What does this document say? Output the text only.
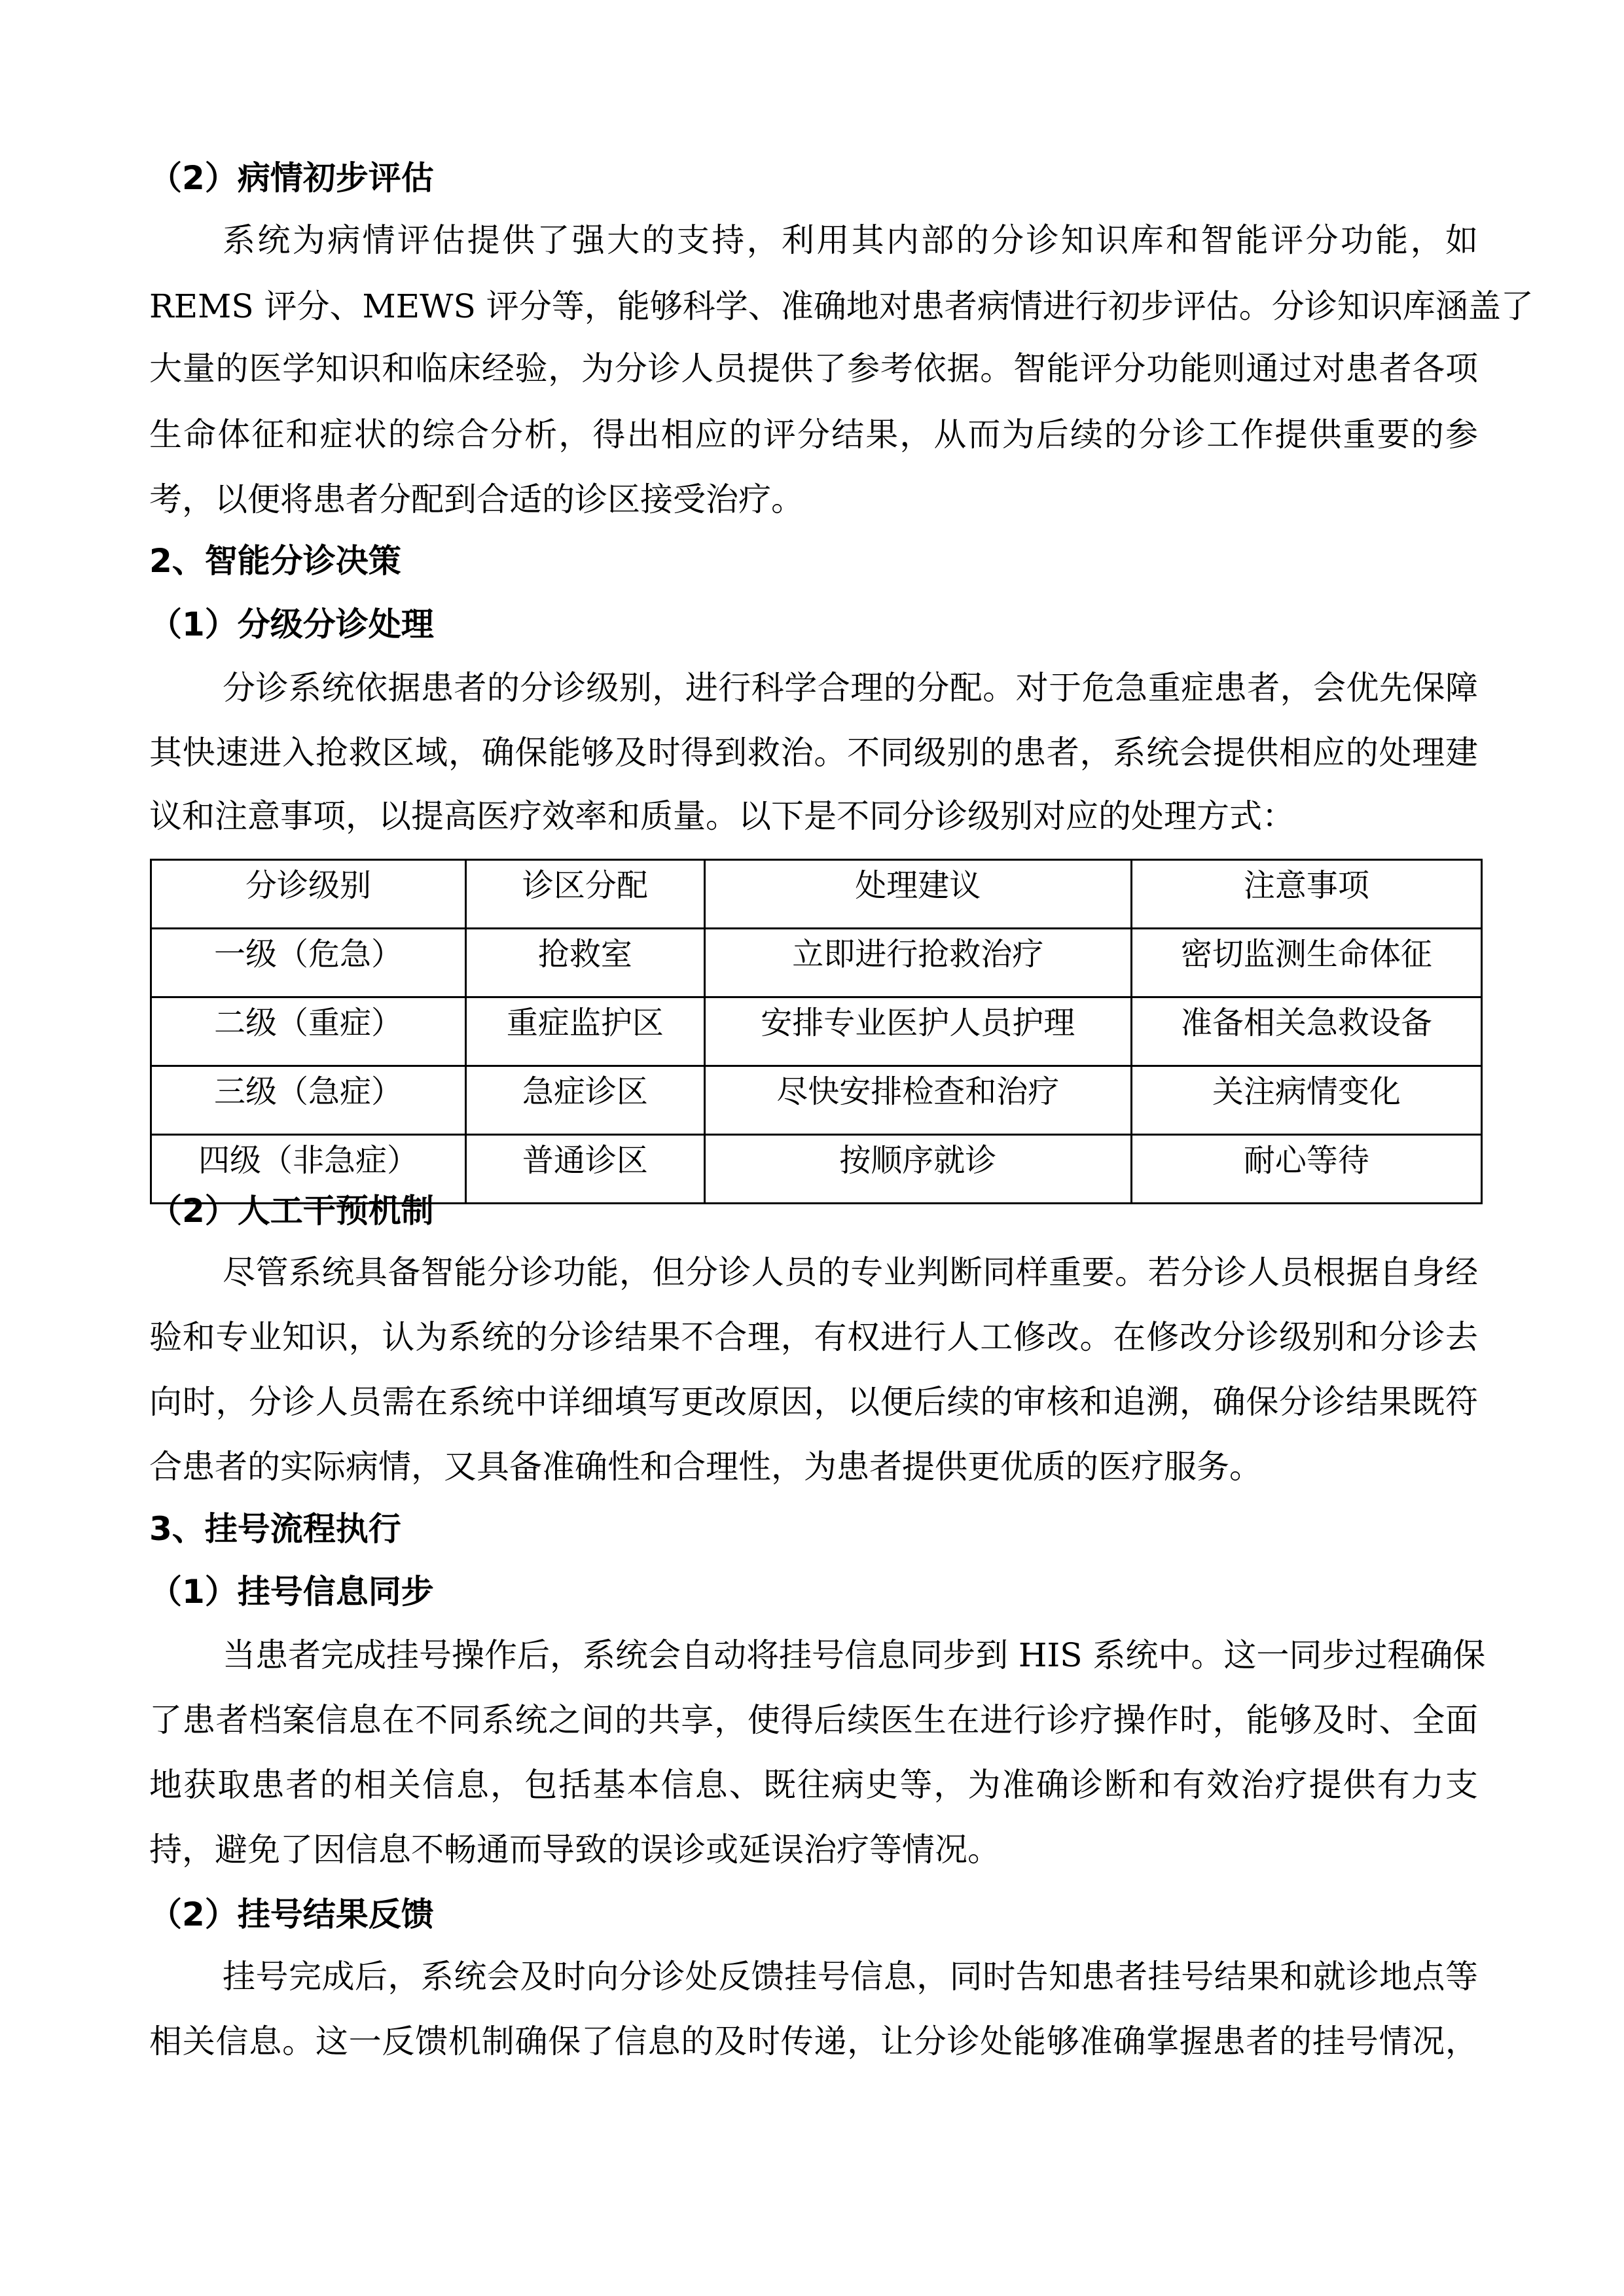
（2）病情初步评估
系统为病情评估提供了强大的支持，利用其内部的分诊知识库和智能评分功能，如
REMS 评分、MEWS 评分等，能够科学、准确地对患者病情进行初步评估。分诊知识库涵盖了
大量的医学知识和临床经验，为分诊人员提供了参考依据。智能评分功能则通过对患者各项
生命体征和症状的综合分析，得出相应的评分结果，从而为后续的分诊工作提供重要的参
考，以便将患者分配到合适的诊区接受治疗。
2、智能分诊决策
（1）分级分诊处理
分诊系统依据患者的分诊级别，进行科学合理的分配。对于危急重症患者，会优先保障
其快速进入抢救区域，确保能够及时得到救治。不同级别的患者，系统会提供相应的处理建
议和注意事项，以提高医疗效率和质量。以下是不同分诊级别对应的处理方式：
分诊级别	诊区分配	处理建议	注意事项
一级（危急）	抢救室	立即进行抢救治疗	密切监测生命体征
二级（重症）	重症监护区	安排专业医护人员护理	准备相关急救设备
三级（急症）	急症诊区	尽快安排检查和治疗	关注病情变化
四级（非急症）	普通诊区	按顺序就诊	耐心等待
（2）人工干预机制
尽管系统具备智能分诊功能，但分诊人员的专业判断同样重要。若分诊人员根据自身经
验和专业知识，认为系统的分诊结果不合理，有权进行人工修改。在修改分诊级别和分诊去
向时，分诊人员需在系统中详细填写更改原因，以便后续的审核和追溯，确保分诊结果既符
合患者的实际病情，又具备准确性和合理性，为患者提供更优质的医疗服务。
3、挂号流程执行
（1）挂号信息同步
当患者完成挂号操作后，系统会自动将挂号信息同步到 HIS 系统中。这一同步过程确保
了患者档案信息在不同系统之间的共享，使得后续医生在进行诊疗操作时，能够及时、全面
地获取患者的相关信息，包括基本信息、既往病史等，为准确诊断和有效治疗提供有力支
持，避免了因信息不畅通而导致的误诊或延误治疗等情况。
（2）挂号结果反馈
挂号完成后，系统会及时向分诊处反馈挂号信息，同时告知患者挂号结果和就诊地点等
相关信息。这一反馈机制确保了信息的及时传递，让分诊处能够准确掌握患者的挂号情况，
